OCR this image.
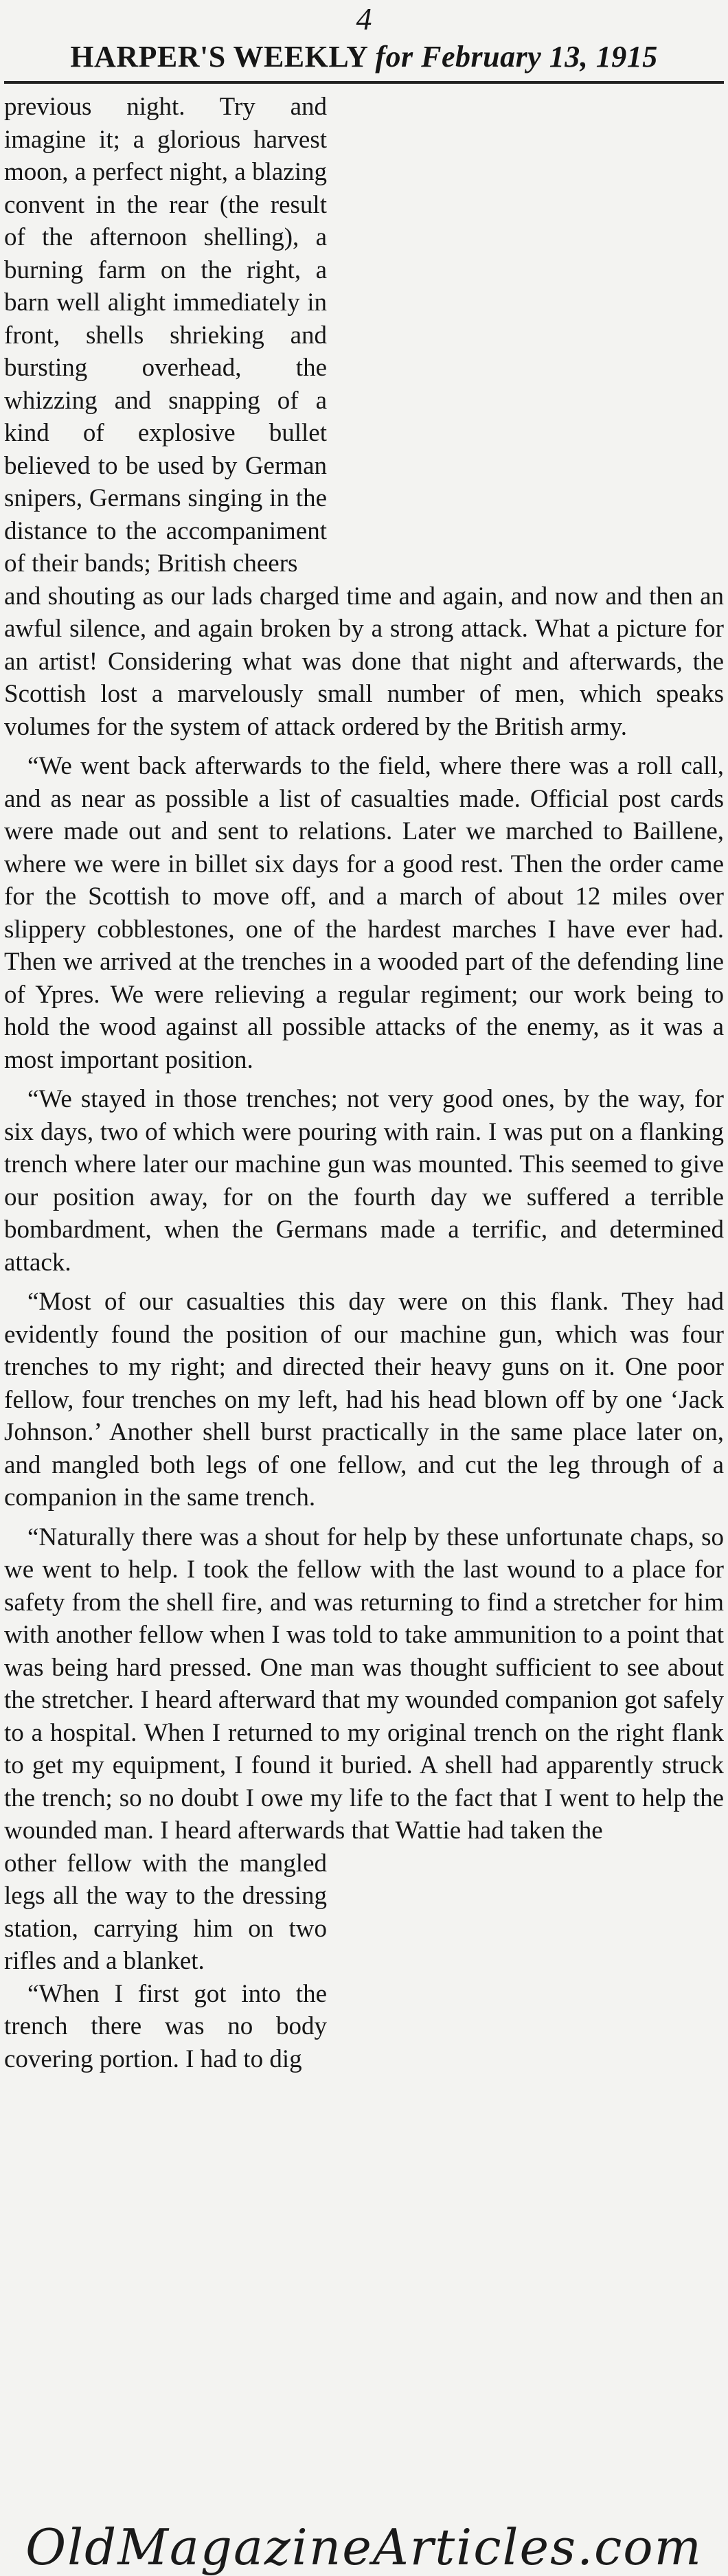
4
HARPER'S WEEKLY for February 13, 1915

previous night. Try and imagine it; a glorious harvest moon, a perfect night, a blazing convent in the rear (the result of the afternoon shelling), a burning farm on the right, a barn well alight immediately in front, shells shrieking and bursting overhead, the whizzing and snapping of a kind of explosive bullet believed to be used by German snipers, Germans singing in the distance to the accompaniment of their bands; British cheers

and shouting as our lads charged time and again, and now and then an awful silence, and again broken by a strong attack. What a picture for an artist! Considering what was done that night and afterwards, the Scottish lost a marvelously small number of men, which speaks volumes for the system of attack ordered by the British army.

“We went back afterwards to the field, where there was a roll call, and as near as possible a list of casualties made. Official post cards were made out and sent to relations. Later we marched to Baillene, where we were in billet six days for a good rest. Then the order came for the Scottish to move off, and a march of about 12 miles over slippery cobblestones, one of the hardest marches I have ever had. Then we arrived at the trenches in a wooded part of the defending line of Ypres. We were relieving a regular regiment; our work being to hold the wood against all possible attacks of the enemy, as it was a most important position.

“We stayed in those trenches; not very good ones, by the way, for six days, two of which were pouring with rain. I was put on a flanking trench where later our machine gun was mounted. This seemed to give our position away, for on the fourth day we suffered a terrible bombardment, when the Germans made a terrific, and determined attack.

“Most of our casualties this day were on this flank. They had evidently found the position of our machine gun, which was four trenches to my right; and directed their heavy guns on it. One poor fellow, four trenches on my left, had his head blown off by one ‘Jack Johnson.’ Another shell burst practically in the same place later on, and mangled both legs of one fellow, and cut the leg through of a companion in the same trench.

“Naturally there was a shout for help by these unfortunate chaps, so we went to help. I took the fellow with the last wound to a place for safety from the shell fire, and was returning to find a stretcher for him with another fellow when I was told to take ammunition to a point that was being hard pressed. One man was thought sufficient to see about the stretcher. I heard afterward that my wounded companion got safely to a hospital. When I returned to my original trench on the right flank to get my equipment, I found it buried. A shell had apparently struck the trench; so no doubt I owe my life to the fact that I went to help the wounded man. I heard afterwards that Wattie had taken the

other fellow with the mangled legs all the way to the dressing station, carrying him on two rifles and a blanket.

“When I first got into the trench there was no body covering portion. I had to dig

OldMagazineArticles.com
